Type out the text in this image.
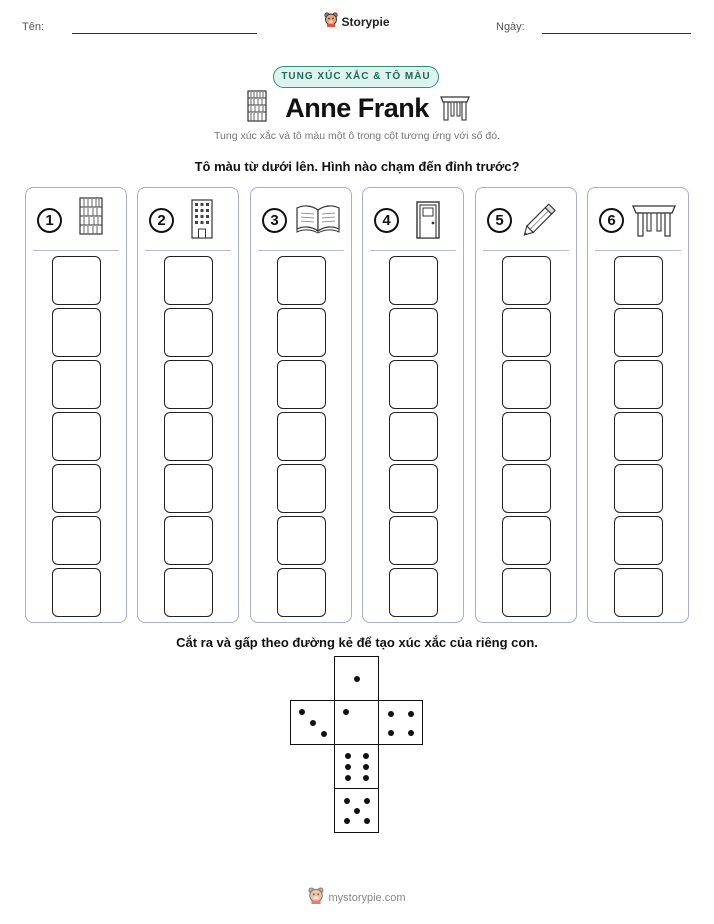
Tên:	Storypie	Ngày:
TUNG XÚC XẮC & TÔ MÀU
Anne Frank
Tung xúc xắc và tô màu một ô trong cột tương ứng với số đó.
Tô màu từ dưới lên. Hình nào chạm đến đỉnh trước?
1	2	3	4	5	6
Cắt ra và gấp theo đường kẻ để tạo xúc xắc của riêng con.
mystorypie.com
